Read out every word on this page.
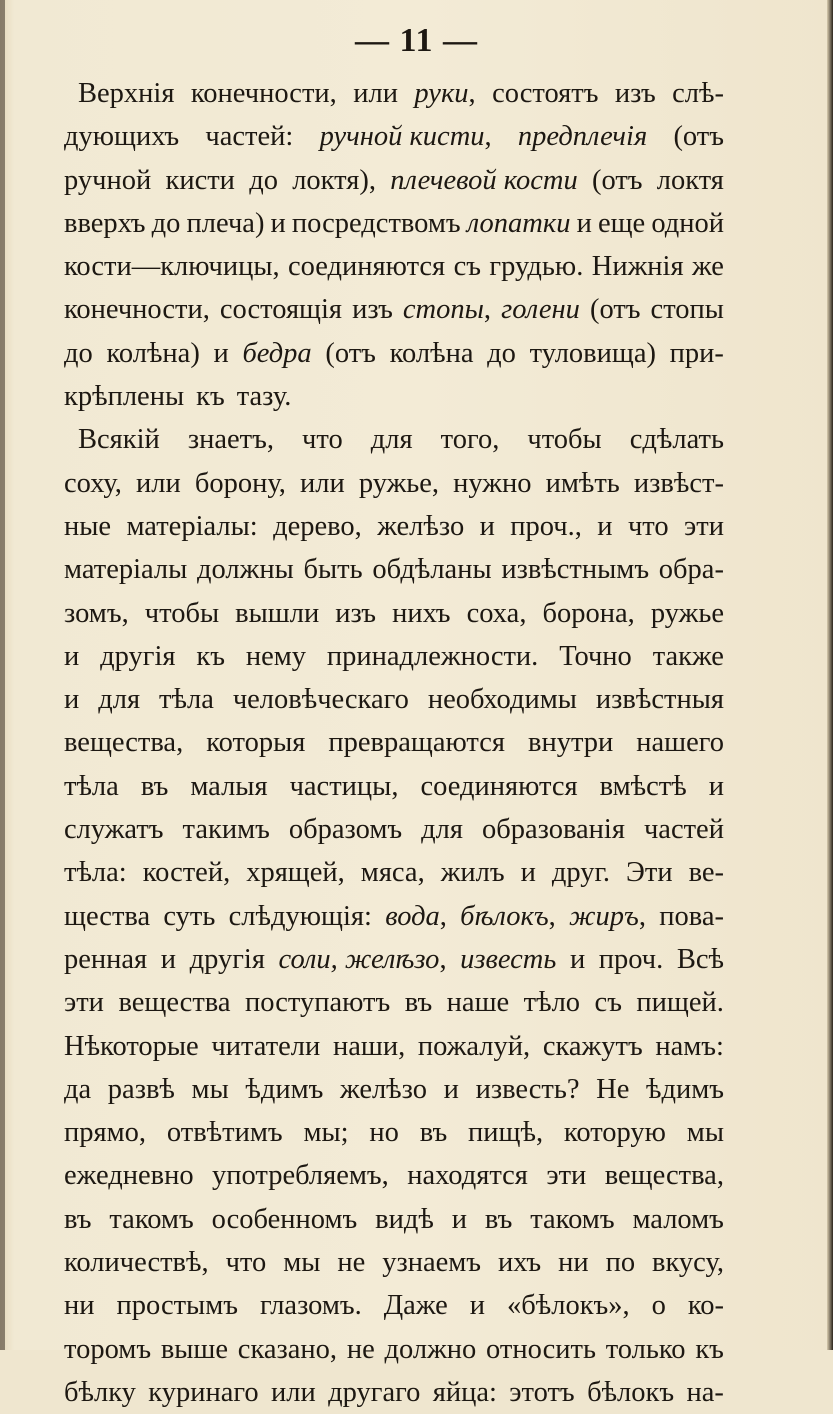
— 11 —
Верхнія конечности, или руки, состоятъ изъ слѣ-
дующихъ частей: ручной кисти, предплечія (отъ
ручной кисти до локтя), плечевой кости (отъ локтя
вверхъ до плеча) и посредствомъ лопатки и еще одной
кости—ключицы, соединяются съ грудью. Нижнія же
конечности, состоящія изъ стопы, голени (отъ стопы
до колѣна) и бедра (отъ колѣна до туловища) при-
крѣплены къ тазу.
Всякій знаетъ, что для того, чтобы сдѣлать
соху, или борону, или ружье, нужно имѣть извѣст-
ные матеріалы: дерево, желѣзо и проч., и что эти
матеріалы должны быть обдѣланы извѣстнымъ обра-
зомъ, чтобы вышли изъ нихъ соха, борона, ружье
и другія къ нему принадлежности. Точно также
и для тѣла человѣческаго необходимы извѣстныя
вещества, которыя превращаются внутри нашего
тѣла въ малыя частицы, соединяются вмѣстѣ и
служатъ такимъ образомъ для образованія частей
тѣла: костей, хрящей, мяса, жилъ и друг. Эти ве-
щества суть слѣдующія: вода, бѣлокъ, жиръ, пова-
ренная и другія соли, желѣзо, известь и проч. Всѣ
эти вещества поступаютъ въ наше тѣло съ пищей.
Нѣкоторые читатели наши, пожалуй, скажутъ намъ:
да развѣ мы ѣдимъ желѣзо и известь? Не ѣдимъ
прямо, отвѣтимъ мы; но въ пищѣ, которую мы
ежедневно употребляемъ, находятся эти вещества,
въ такомъ особенномъ видѣ и въ такомъ маломъ
количествѣ, что мы не узнаемъ ихъ ни по вкусу,
ни простымъ глазомъ. Даже и «бѣлокъ», о ко-
торомъ выше сказано, не должно относить только къ
бѣлку куринаго или другаго яйца: этотъ бѣлокъ на-
